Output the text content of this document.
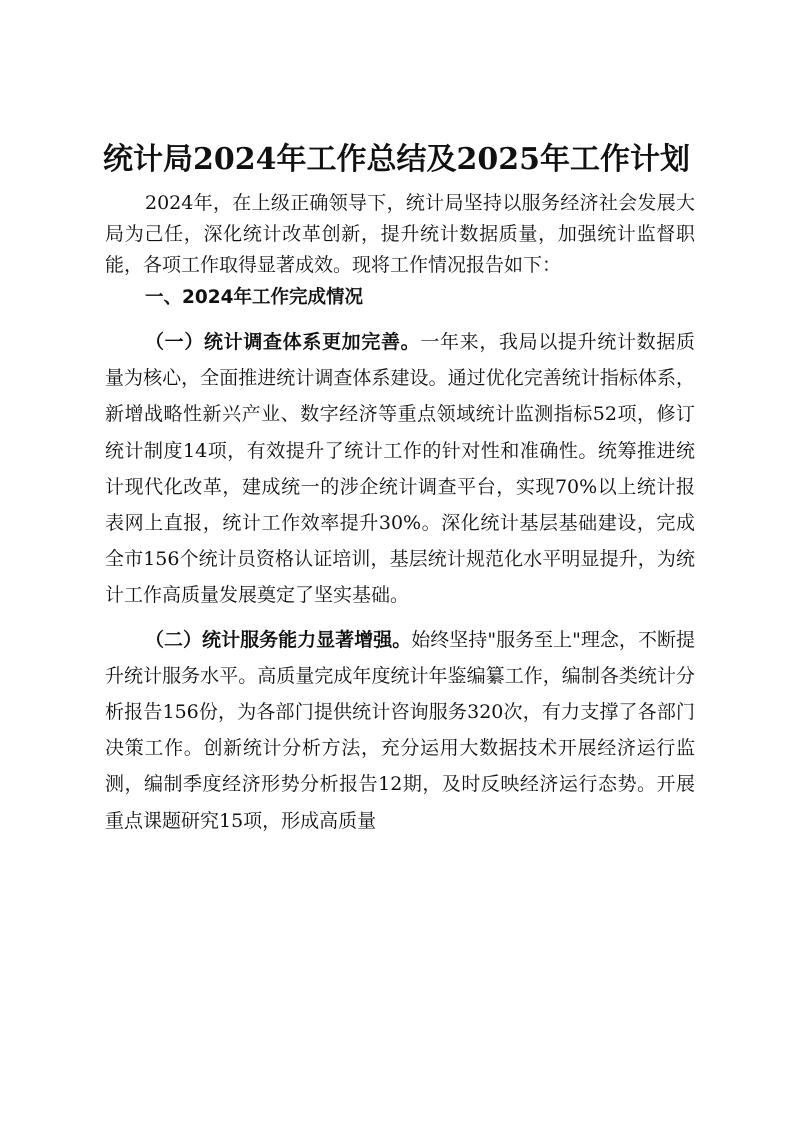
统计局2024年工作总结及2025年工作计划

2024年，在上级正确领导下，统计局坚持以服务经济社会发展大局为己任，深化统计改革创新，提升统计数据质量，加强统计监督职能，各项工作取得显著成效。现将工作情况报告如下：

一、2024年工作完成情况

（一）统计调查体系更加完善。一年来，我局以提升统计数据质量为核心，全面推进统计调查体系建设。通过优化完善统计指标体系，新增战略性新兴产业、数字经济等重点领域统计监测指标52项，修订统计制度14项，有效提升了统计工作的针对性和准确性。统筹推进统计现代化改革，建成统一的涉企统计调查平台，实现70%以上统计报表网上直报，统计工作效率提升30%。深化统计基层基础建设，完成全市156个统计员资格认证培训，基层统计规范化水平明显提升，为统计工作高质量发展奠定了坚实基础。

（二）统计服务能力显著增强。始终坚持"服务至上"理念，不断提升统计服务水平。高质量完成年度统计年鉴编纂工作，编制各类统计分析报告156份，为各部门提供统计咨询服务320次，有力支撑了各部门决策工作。创新统计分析方法，充分运用大数据技术开展经济运行监测，编制季度经济形势分析报告12期，及时反映经济运行态势。开展重点课题研究15项，形成高质量
